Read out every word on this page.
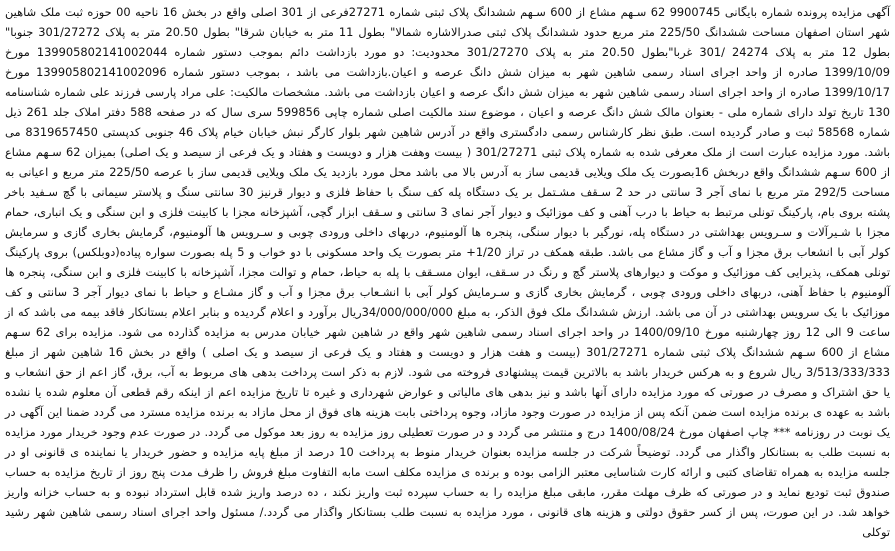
آگهی مزایده پرونده شماره بایگانی 9900745 62 سـهم مشاع از 600 سـهم ششدانگ پلاک ثبتی شماره 27271فرعی از 301 اصلی واقع در بخش 16 ناحیه 00 حوزه ثبت ملک شاهین شهر استان اصفهان مساحت ششدانگ 225/50 متر مربع حدود ششدانگ پلاک ثبتی صدرالاشاره شمالا" بطول 11 متر به خیابان شرقا" بطول 20.50 متر به پلاک 301/27272 جنوبا" بطول 12 متر به پلاک 24274 /301 غربا"بطول 20.50 متر به پلاک 301/27270 محدودیت: دو مورد بازداشت دائم بموجب دستور شماره 139905802141002044 مورخ 1399/10/09 صادره از واحد اجرای اسناد رسمی شاهین شهر به میزان شش دانگ عرصه و اعیان.بازداشت می باشد ، بموجب دستور شماره 139905802141002096 مورخ 1399/10/17 صادره از واحد اجرای اسناد رسمی شاهین شهر به میزان شش دانگ عرصه و اعیان بازداشت می باشد. مشخصات مالکیت: علی مراد پارسی فرزند علی شماره شناسنامه 130 تاریخ تولد دارای شماره ملی - بعنوان مالک شش دانگ عرصه و اعیان ، موضوع سند مالکیت اصلی شماره چاپی 599856 سری سال که در صفحه 588 دفتر املاک جلد 261 ذیل شماره 58568 ثبت و صادر گردیده است. طبق نظر کارشناس رسمی دادگستری واقع در آدرس شاهین شهر بلوار کارگر نبش خیابان خیام پلاک 46 جنوبی کدپستی 8319657450 می باشد. مورد مزایده عبارت است از ملک معرفی شده به شماره پلاک ثبتی 301/27271 ( بیست وهفت هزار و دویست و هفتاد و یک فرعی از سیصد و یک اصلی) بمیزان 62 سـهم مشاع از 600 سـهم ششدانگ واقع دربخش 16بصورت یک ملک ویلایی قدیمی ساز به آدرس بالا می باشد محل مورد بازدید یک ملک ویلایی قدیمی ساز با عرصه 225/50 متر مربع و اعیانی به مساحت 292/5 متر مربع با نمای آجر 3 سانتی در حد 2 سـقف مشـتمل بر یک دستگاه پله کف سنگ با حفاظ فلزی و دیوار قرنیز 30 سانتی سنگ و پلاستر سیمانی با گچ سـفید باخر پشته بروی بام، پارکینگ تونلی مرتبط به حیاط با درب آهنی و کف موزائیک و دیوار آجر نمای 3 سانتی و سـقف ابزار گچی، آشپزخانه مجزا با کابینت فلزی و ابن سنگی و یک انباری، حمام مجزا با شـیرآلات و سـرویس بهداشتی در دستگاه پله، نورگیر با دیوار سنگی، پنجره ها آلومنیوم، دربهای داخلی ورودی چوبی و سـرویس ها آلومنیوم، گرمایش بخاری گازی و سرمایش کولر آبی با انشعاب برق مجزا و آب و گاز مشاع می باشد. طبقه همکف در تراز 1/20+ متر بصورت یک واحد مسکونی با دو خواب و 5 پله بصورت سواره پیاده(دوبلکس) بروی پارکینگ تونلی همکف، پذیرایی کف موزائیک و موکت و دیوارهای پلاستر گچ و رنگ در سـقف، ایوان مسـقف با پله به حیاط، حمام و توالت مجزا، آشپزخانه با کابینت فلزی و ابن سنگی، پنجره ها آلومنیوم با حفاظ آهنی، دربهای داخلی ورودی چوبی ، گرمایش بخاری گازی و سـرمایش کولر آبی با انشـعاب برق مجزا و آب و گاز مشـاع و حیاط با نمای دیوار آجر 3 سانتی و کف موزائیک با یک سرویس بهداشتی در آن می باشد. ارزش ششدانگ ملک فوق الذکر، به مبلغ 34/000/000/000ریال برآورد و اعلام گردیده و بنابر اعلام بستانکار فاقد بیمه می باشد که از ساعت 9 الی 12 روز چهارشنبه مورخ 1400/09/10 در واحد اجرای اسناد رسمی شاهین شهر واقع در شاهین شهر خیابان مدرس به مزایده گذارده می شود. مزایده برای 62 سـهم مشاع از 600 سـهم ششدانگ پلاک ثبتی شماره 301/27271 (بیست و هفت هزار و دویست و هفتاد و یک فرعی از سیصد و یک اصلی ) واقع در بخش 16 شاهین شهر از مبلغ 3/513/333/333 ریال شروع و به هرکس خریدار باشد به بالاترین قیمت پیشنهادی فروخته می شود. لازم به ذکر است پرداخت بدهی های مربوط به آب، برق، گاز اعم از حق انشعاب و یا حق اشتراک و مصرف در صورتی که مورد مزایده دارای آنها باشد و نیز بدهی های مالیاتی و عوارض شهرداری و غیره تا تاریخ مزایده اعم از اینکه رقم قطعی آن معلوم شده یا نشده باشد به عهده ی برنده مزایده است ضمن آنکه پس از مزایده در صورت وجود مازاد، وجوه پرداختی بابت هزینه های فوق از محل مازاد به برنده مزایده مسترد می گردد ضمنا این آگهی در یک نوبت در روزنامه *** چاپ اصفهان مورخ 1400/08/24 درج و منتشر می گردد و در صورت تعطیلی روز مزایده به روز بعد موکول می گردد. در صورت عدم وجود خریدار مورد مزایده به نسبت طلب به بستانکار واگذار می گردد. توضیحاً شرکت در جلسه مزایده بعنوان خریدار منوط به پرداخت 10 درصد از مبلغ پایه مزایده و حضور خریدار یا نماینده ی قانونی او در جلسه مزایده به همراه تقاضای کتبی و ارائه کارت شناسایی معتبر الزامی بوده و برنده ی مزایده مکلف است مابه التفاوت مبلغ فروش را ظرف مدت پنج روز از تاریخ مزایده به حساب صندوق ثبت تودیع نماید و در صورتی که ظرف مهلت مقرر، مابقی مبلغ مزایده را به حساب سپرده ثبت واریز نکند ، ده درصد واریز شده قابل استرداد نبوده و به حساب خزانه واریز خواهد شد. در این صورت، پس از کسر حقوق دولتی و هزینه های قانونی ، مورد مزایده به نسبت طلب بستانکار واگذار می گردد./ مسئول واحد اجرای اسناد رسمی شاهین شهر رشید توکلی
